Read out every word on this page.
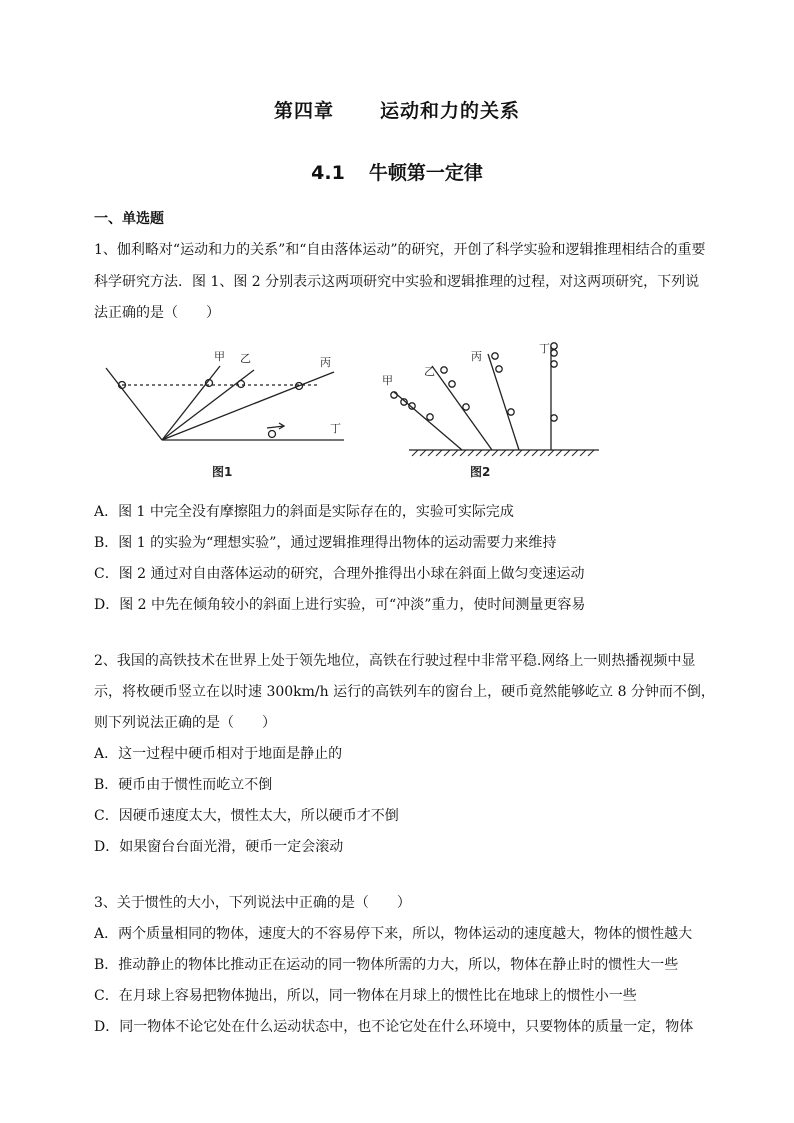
第四章 运动和力的关系
4.1 牛顿第一定律
一、单选题
1、伽利略对“运动和力的关系”和“自由落体运动”的研究，开创了科学实验和逻辑推理相结合的重要
科学研究方法．图 1、图 2 分别表示这两项研究中实验和逻辑推理的过程，对这两项研究，下列说
法正确的是（　　）
甲 乙	丙
丁
图1
甲
乙
丙
丁
图2
A．图 1 中完全没有摩擦阻力的斜面是实际存在的，实验可实际完成
B．图 1 的实验为“理想实验”，通过逻辑推理得出物体的运动需要力来维持
C．图 2 通过对自由落体运动的研究，合理外推得出小球在斜面上做匀变速运动
D．图 2 中先在倾角较小的斜面上进行实验，可“冲淡”重力，使时间测量更容易
2、我国的高铁技术在世界上处于领先地位，高铁在行驶过程中非常平稳.网络上一则热播视频中显
示，将枚硬币竖立在以时速 300km/h 运行的高铁列车的窗台上，硬币竟然能够屹立 8 分钟而不倒，
则下列说法正确的是（　　）
A．这一过程中硬币相对于地面是静止的
B．硬币由于惯性而屹立不倒
C．因硬币速度太大，惯性太大，所以硬币才不倒
D．如果窗台台面光滑，硬币一定会滚动
3、关于惯性的大小，下列说法中正确的是（　　）
A．两个质量相同的物体，速度大的不容易停下来，所以，物体运动的速度越大，物体的惯性越大
B．推动静止的物体比推动正在运动的同一物体所需的力大，所以，物体在静止时的惯性大一些
C．在月球上容易把物体抛出，所以，同一物体在月球上的惯性比在地球上的惯性小一些
D．同一物体不论它处在什么运动状态中，也不论它处在什么环境中，只要物体的质量一定，物体
